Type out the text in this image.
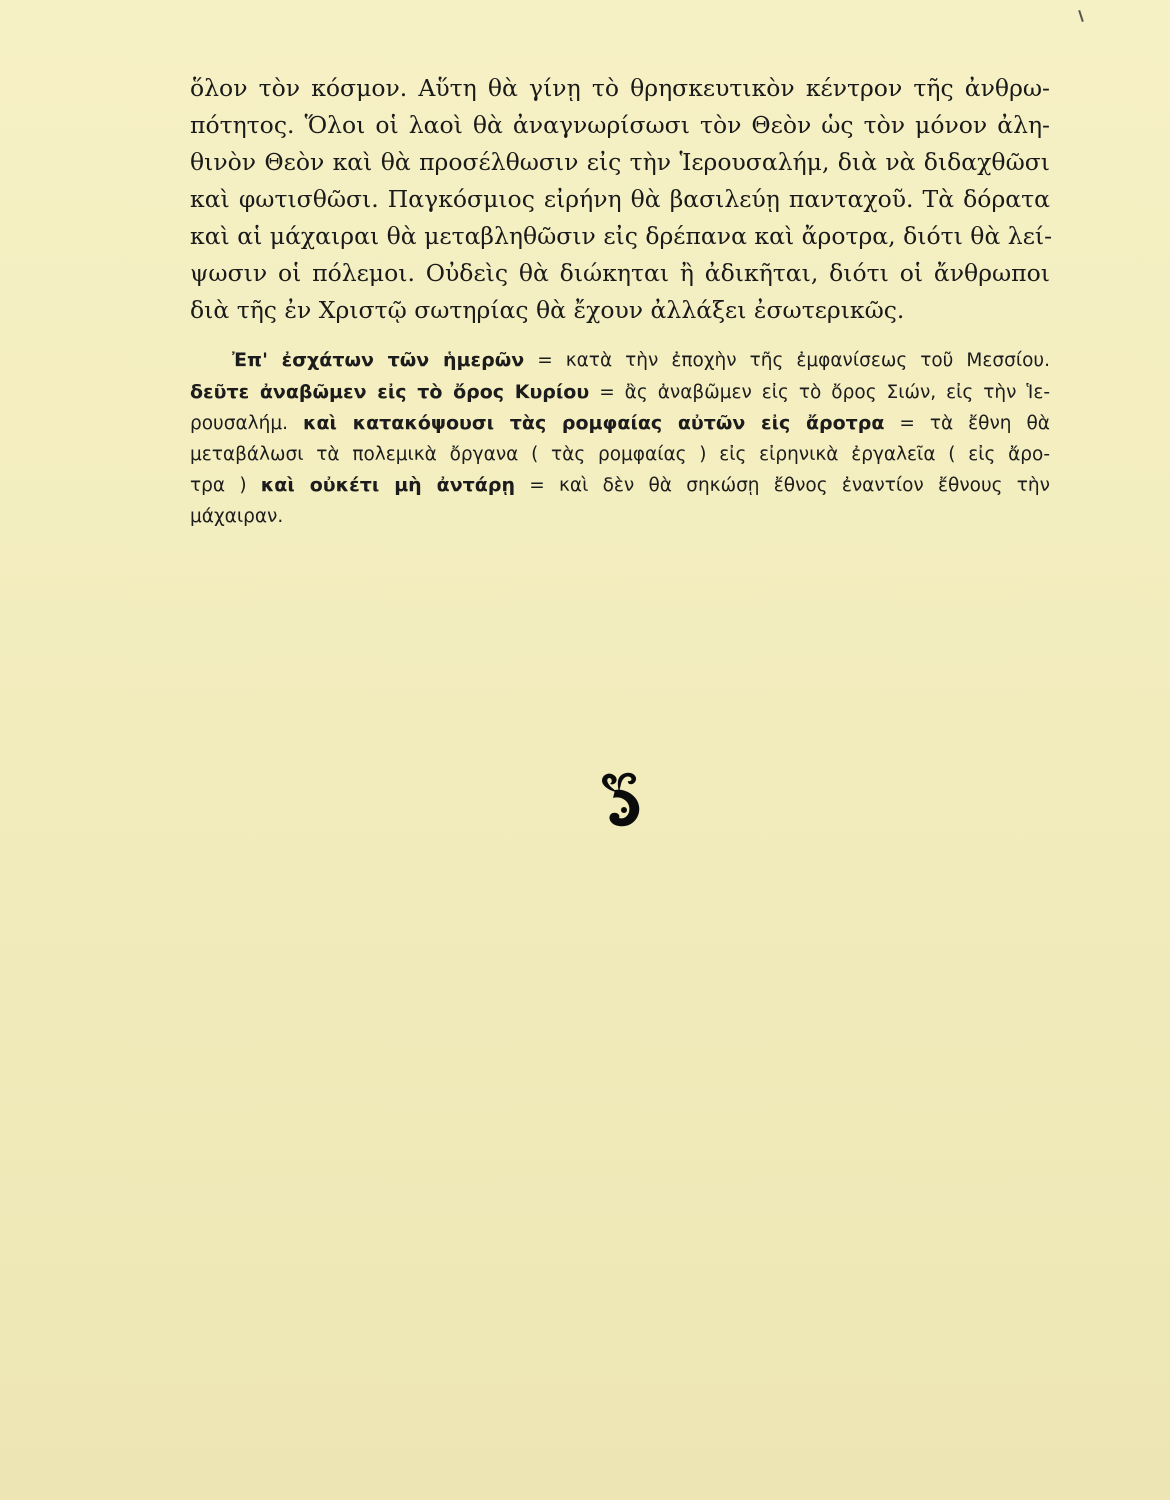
ὅλον τὸν κόσμον. Αὕτη θὰ γίνῃ τὸ θρησκευτικὸν κέντρον τῆς ἀνθρω-
πότητος. Ὅλοι οἱ λαοὶ θὰ ἀναγνωρίσωσι τὸν Θεὸν ὡς τὸν μόνον ἀλη-
θινὸν Θεὸν καὶ θὰ προσέλθωσιν εἰς τὴν Ἱερουσαλήμ, διὰ νὰ διδαχθῶσι
καὶ φωτισθῶσι. Παγκόσμιος εἰρήνη θὰ βασιλεύῃ πανταχοῦ. Τὰ δόρατα
καὶ αἱ μάχαιραι θὰ μεταβληθῶσιν εἰς δρέπανα καὶ ἄροτρα, διότι θὰ λεί-
ψωσιν οἱ πόλεμοι. Οὐδεὶς θὰ διώκηται ἢ ἀδικῆται, διότι οἱ ἄνθρωποι
διὰ τῆς ἐν Χριστῷ σωτηρίας θὰ ἔχουν ἀλλάξει ἐσωτερικῶς.

Ἐπ' ἐσχάτων τῶν ἡμερῶν = κατὰ τὴν ἐποχὴν τῆς ἐμφανίσεως τοῦ Μεσσίου.
δεῦτε ἀναβῶμεν εἰς τὸ ὄρος Κυρίου = ἂς ἀναβῶμεν εἰς τὸ ὄρος Σιών, εἰς τὴν Ἱε-
ρουσαλήμ. καὶ κατακόψουσι τὰς ρομφαίας αὐτῶν εἰς ἄροτρα = τὰ ἔθνη θὰ
μεταβάλωσι τὰ πολεμικὰ ὄργανα ( τὰς ρομφαίας ) εἰς εἰρηνικὰ ἐργαλεῖα ( εἰς ἄρο-
τρα ) καὶ οὐκέτι μὴ ἀντάρῃ = καὶ δὲν θὰ σηκώσῃ ἔθνος ἐναντίον ἔθνους τὴν
μάχαιραν.
